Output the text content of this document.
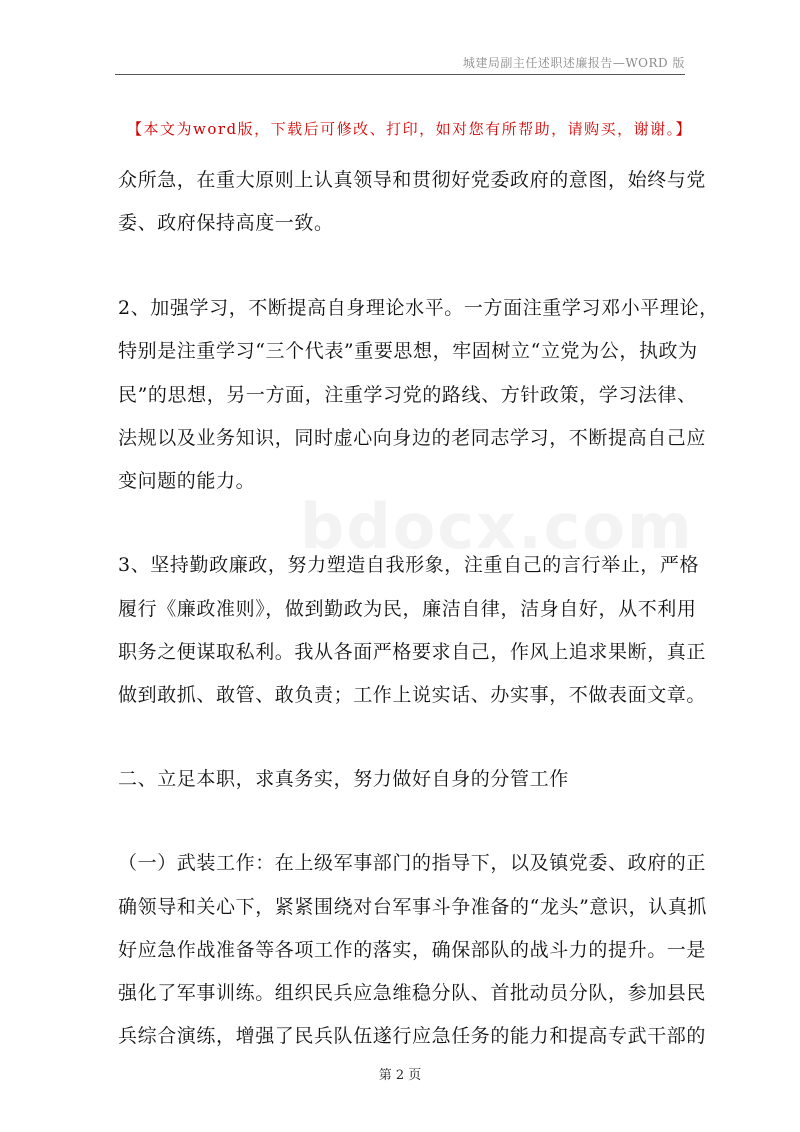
城建局副主任述职述廉报告—WORD 版
【本文为word版，下载后可修改、打印，如对您有所帮助，请购买，谢谢。】
bdocx.com
众所急，在重大原则上认真领导和贯彻好党委政府的意图，始终与党
委、政府保持高度一致。
2、加强学习，不断提高自身理论水平。一方面注重学习邓小平理论，
特别是注重学习“三个代表”重要思想，牢固树立“立党为公，执政为
民”的思想，另一方面，注重学习党的路线、方针政策，学习法律、
法规以及业务知识，同时虚心向身边的老同志学习，不断提高自己应
变问题的能力。
3、坚持勤政廉政，努力塑造自我形象，注重自己的言行举止，严格
履行《廉政准则》，做到勤政为民，廉洁自律，洁身自好，从不利用
职务之便谋取私利。我从各面严格要求自己，作风上追求果断，真正
做到敢抓、敢管、敢负责；工作上说实话、办实事，不做表面文章。
二、立足本职，求真务实，努力做好自身的分管工作
（一）武装工作：在上级军事部门的指导下，以及镇党委、政府的正
确领导和关心下，紧紧围绕对台军事斗争准备的“龙头”意识，认真抓
好应急作战准备等各项工作的落实，确保部队的战斗力的提升。一是
强化了军事训练。组织民兵应急维稳分队、首批动员分队，参加县民
兵综合演练，增强了民兵队伍遂行应急任务的能力和提高专武干部的
第 2 页
